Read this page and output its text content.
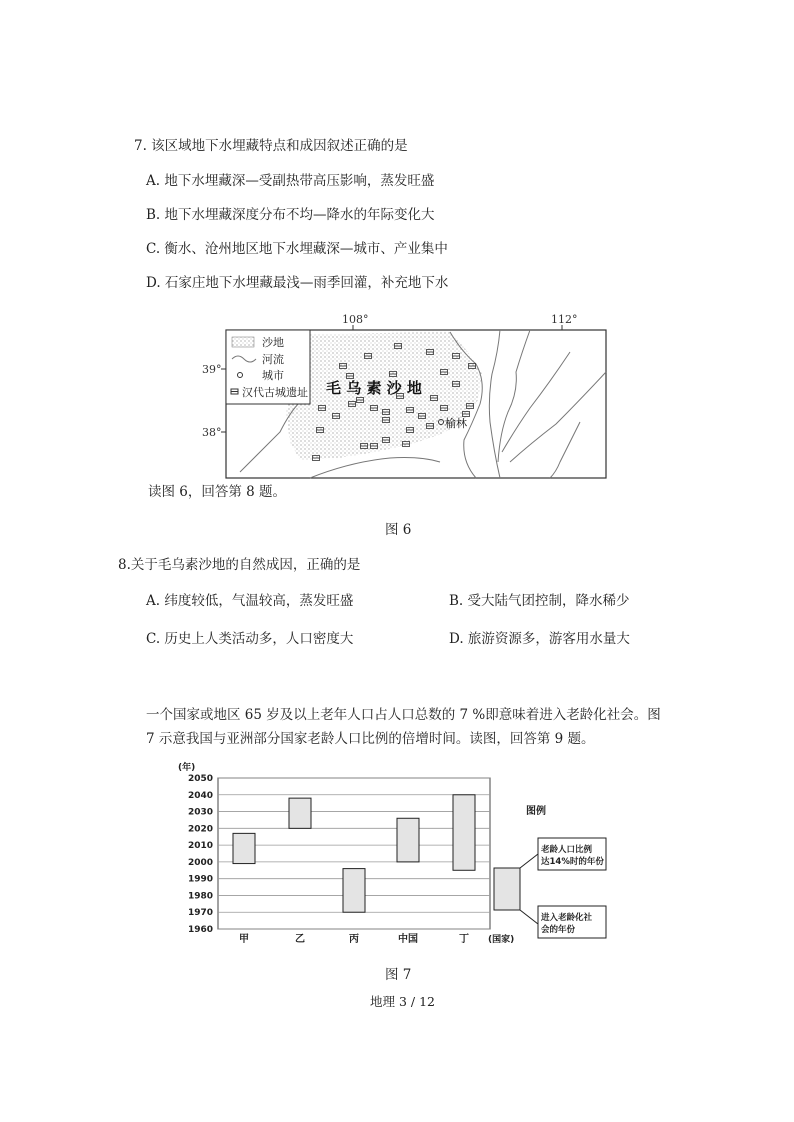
7. 该区域地下水埋藏特点和成因叙述正确的是
A. 地下水埋藏深—受副热带高压影响，蒸发旺盛
B. 地下水埋藏深度分布不均—降水的年际变化大
C. 衡水、沧州地区地下水埋藏深—城市、产业集中
D. 石家庄地下水埋藏最浅—雨季回灌，补充地下水
108°	112°
39°
38°
沙地
河流
城市
汉代古城遗址 毛 乌 素 沙 地
榆林
读图 6，回答第 8 题。
图 6
8.关于毛乌素沙地的自然成因，正确的是
A. 纬度较低，气温较高，蒸发旺盛	B. 受大陆气团控制，降水稀少
C. 历史上人类活动多，人口密度大	D. 旅游资源多，游客用水量大
一个国家或地区 65 岁及以上老年人口占人口总数的 7 %即意味着进入老龄化社会。图 7 示意我国与亚洲部分国家老龄人口比例的倍增时间。读图，回答第 9 题。
1960
1970
1980
1990
2000
2010
2020
2030
2040
2050
(年)
甲	乙	丙	中国	丁 (国家)
图例
老龄人口比例
达14%时的年份
进入老龄化社
会的年份
图 7
地理 3 / 12
